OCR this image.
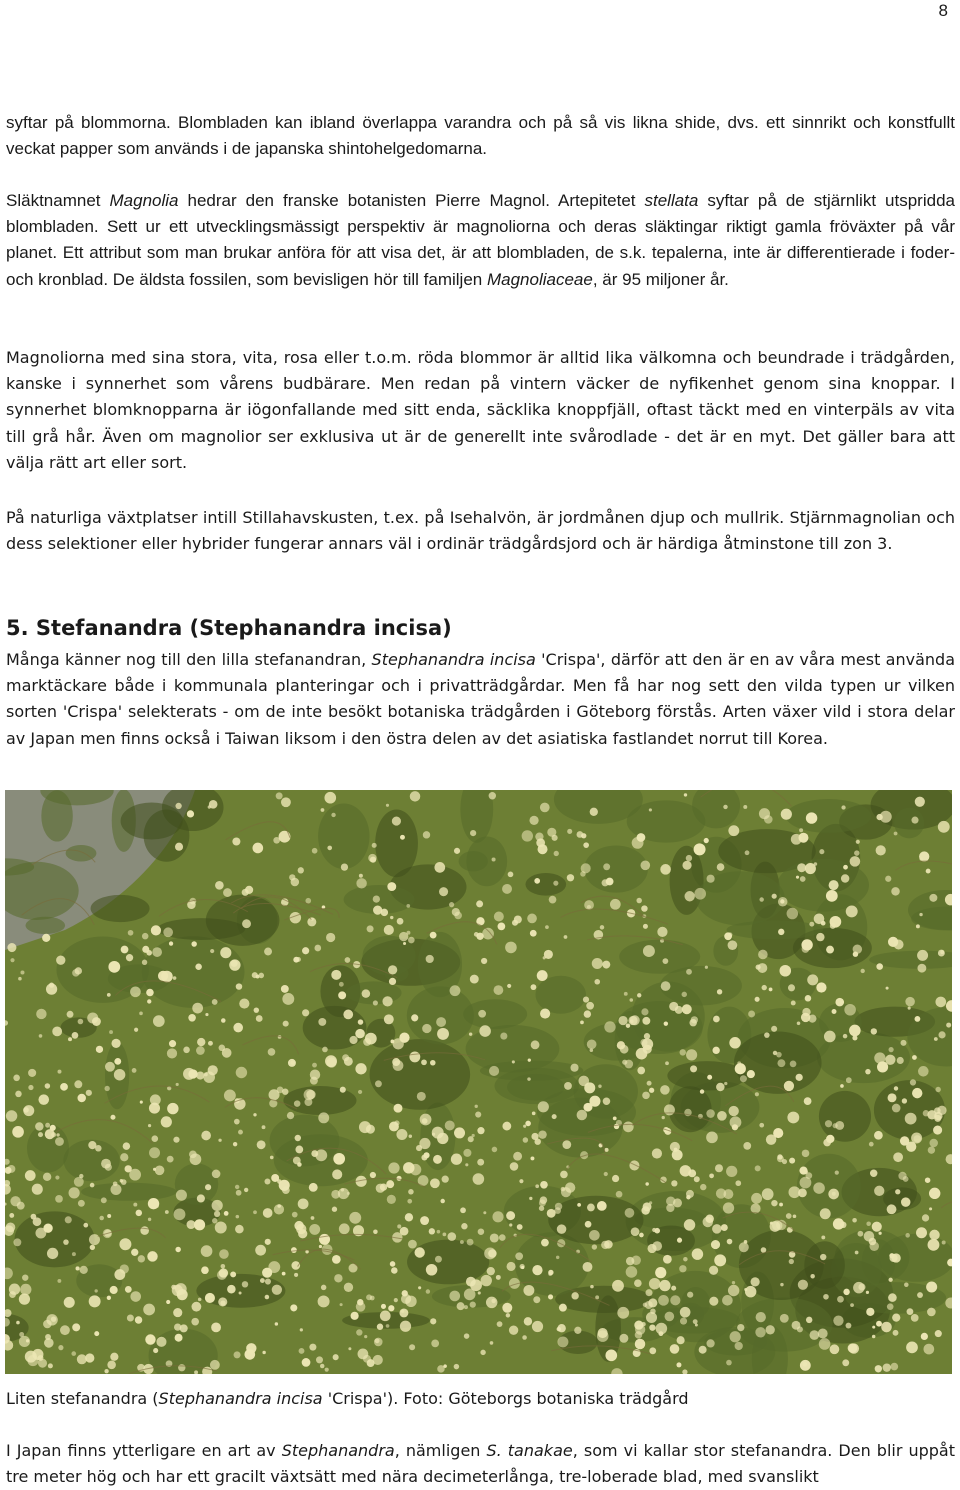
8

syftar på blommorna. Blombladen kan ibland överlappa varandra och på så vis likna shide, dvs. ett sinnrikt och konstfullt veckat papper som används i de japanska shintohelgedomarna.

Släktnamnet Magnolia hedrar den franske botanisten Pierre Magnol. Artepitetet stellata syftar på de stjärnlikt utspridda blombladen. Sett ur ett utvecklingsmässigt perspektiv är magnoliorna och deras släktingar riktigt gamla fröväxter på vår planet. Ett attribut som man brukar anföra för att visa det, är att blombladen, de s.k. tepalerna, inte är differentierade i foder- och kronblad. De äldsta fossilen, som bevisligen hör till familjen Magnoliaceae, är 95 miljoner år.

Magnoliorna med sina stora, vita, rosa eller t.o.m. röda blommor är alltid lika välkomna och beundrade i trädgården, kanske i synnerhet som vårens budbärare. Men redan på vintern väcker de nyfikenhet genom sina knoppar. I synnerhet blomknopparna är iögonfallande med sitt enda, säcklika knoppfjäll, oftast täckt med en vinterpäls av vita till grå hår. Även om magnolior ser exklusiva ut är de generellt inte svårodlade - det är en myt. Det gäller bara att välja rätt art eller sort.

På naturliga växtplatser intill Stillahavskusten, t.ex. på Isehalvön, är jordmånen djup och mullrik. Stjärnmagnolian och dess selektioner eller hybrider fungerar annars väl i ordinär trädgårdsjord och är härdiga åtminstone till zon 3.

5. Stefanandra (Stephanandra incisa)

Många känner nog till den lilla stefanandran, Stephanandra incisa 'Crispa', därför att den är en av våra mest använda marktäckare både i kommunala planteringar och i privatträdgårdar. Men få har nog sett den vilda typen ur vilken sorten 'Crispa' selekterats - om de inte besökt botaniska trädgården i Göteborg förstås. Arten växer vild i stora delar av Japan men finns också i Taiwan liksom i den östra delen av det asiatiska fastlandet norrut till Korea.

Liten stefanandra (Stephanandra incisa 'Crispa'). Foto: Göteborgs botaniska trädgård

I Japan finns ytterligare en art av Stephanandra, nämligen S. tanakae, som vi kallar stor stefanandra. Den blir uppåt tre meter hög och har ett gracilt växtsätt med nära decimeterlånga, tre-loberade blad, med svanslikt
